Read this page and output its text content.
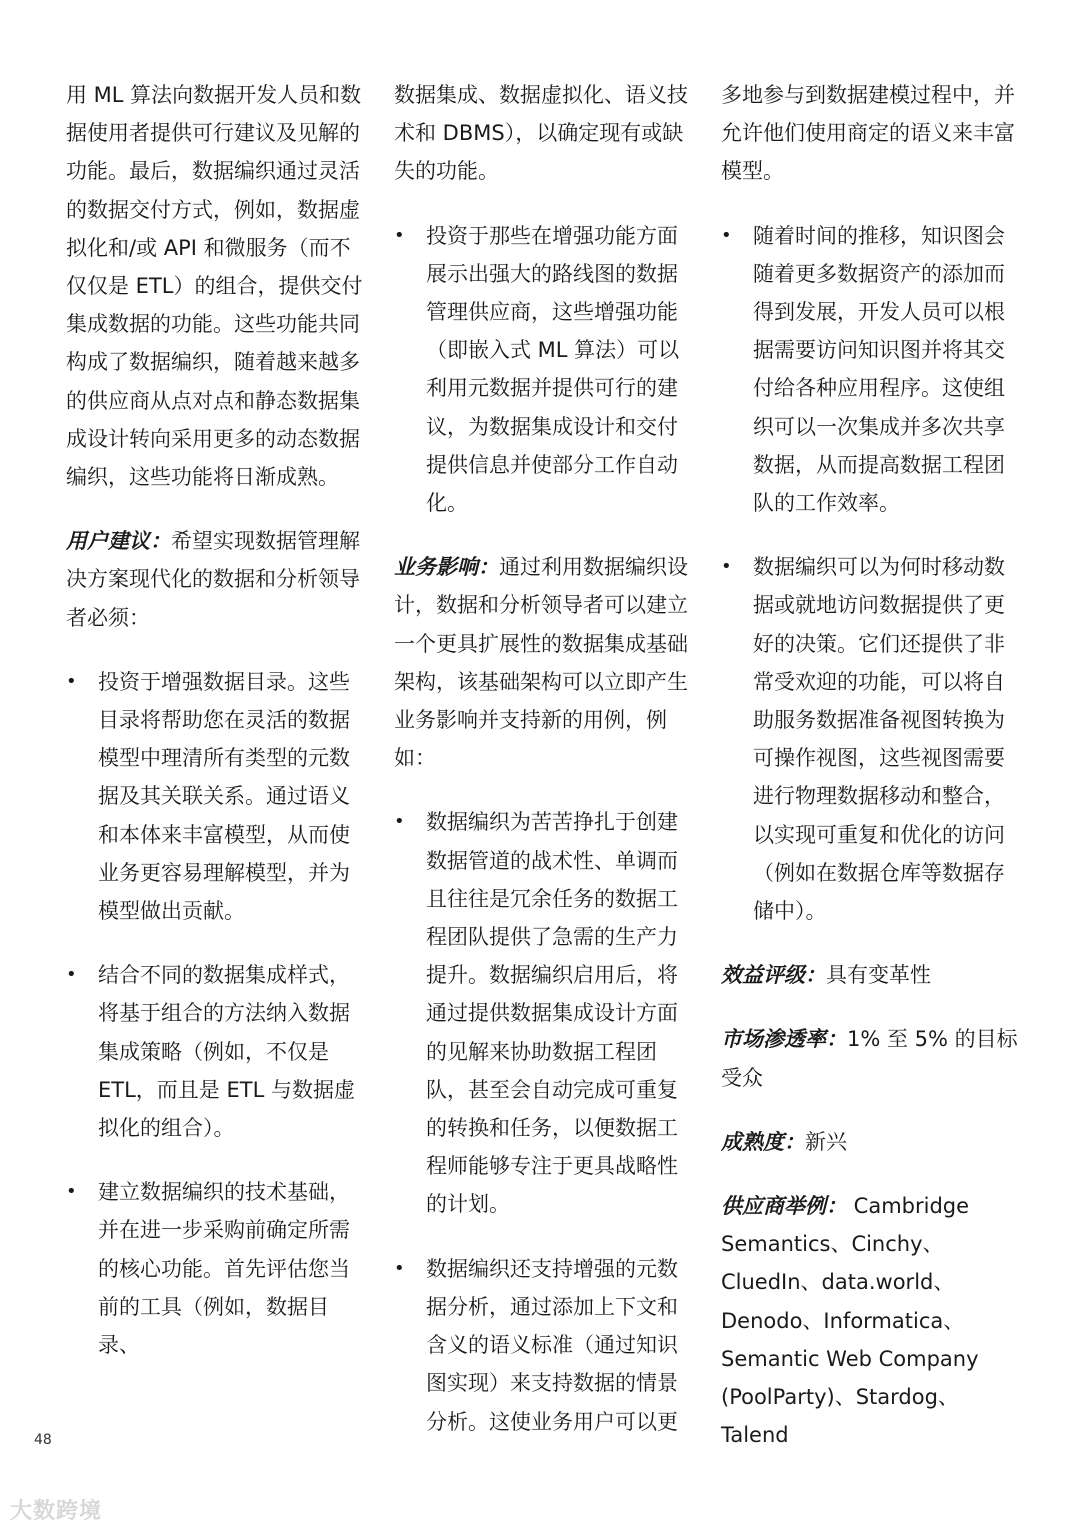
用 ML 算法向数据开发人员和数据使用者提供可行建议及见解的功能。最后，数据编织通过灵活的数据交付方式，例如，数据虚拟化和/或 API 和微服务（而不仅仅是 ETL）的组合，提供交付集成数据的功能。这些功能共同构成了数据编织，随着越来越多的供应商从点对点和静态数据集成设计转向采用更多的动态数据编织，这些功能将日渐成熟。

用户建议：希望实现数据管理解决方案现代化的数据和分析领导者必须：

• 投资于增强数据目录。这些目录将帮助您在灵活的数据模型中理清所有类型的元数据及其关联关系。通过语义和本体来丰富模型，从而使业务更容易理解模型，并为模型做出贡献。
• 结合不同的数据集成样式，将基于组合的方法纳入数据集成策略（例如，不仅是 ETL，而且是 ETL 与数据虚拟化的组合）。
• 建立数据编织的技术基础，并在进一步采购前确定所需的核心功能。首先评估您当前的工具（例如，数据目录、

数据集成、数据虚拟化、语义技术和 DBMS），以确定现有或缺失的功能。

• 投资于那些在增强功能方面展示出强大的路线图的数据管理供应商，这些增强功能（即嵌入式 ML 算法）可以利用元数据并提供可行的建议，为数据集成设计和交付提供信息并使部分工作自动化。

业务影响：通过利用数据编织设计，数据和分析领导者可以建立一个更具扩展性的数据集成基础架构，该基础架构可以立即产生业务影响并支持新的用例，例如：

• 数据编织为苦苦挣扎于创建数据管道的战术性、单调而且往往是冗余任务的数据工程团队提供了急需的生产力提升。数据编织启用后，将通过提供数据集成设计方面的见解来协助数据工程团队，甚至会自动完成可重复的转换和任务，以便数据工程师能够专注于更具战略性的计划。
• 数据编织还支持增强的元数据分析，通过添加上下文和含义的语义标准（通过知识图实现）来支持数据的情景分析。这使业务用户可以更

多地参与到数据建模过程中，并允许他们使用商定的语义来丰富模型。

• 随着时间的推移，知识图会随着更多数据资产的添加而得到发展，开发人员可以根据需要访问知识图并将其交付给各种应用程序。这使组织可以一次集成并多次共享数据，从而提高数据工程团队的工作效率。
• 数据编织可以为何时移动数据或就地访问数据提供了更好的决策。它们还提供了非常受欢迎的功能，可以将自助服务数据准备视图转换为可操作视图，这些视图需要进行物理数据移动和整合，以实现可重复和优化的访问（例如在数据仓库等数据存储中）。

效益评级：具有变革性

市场渗透率：1% 至 5% 的目标受众

成熟度：新兴

供应商举例： Cambridge Semantics、Cinchy、CluedIn、data.world、Denodo、Informatica、Semantic Web Company (PoolParty)、Stardog、Talend

48
大数跨境
